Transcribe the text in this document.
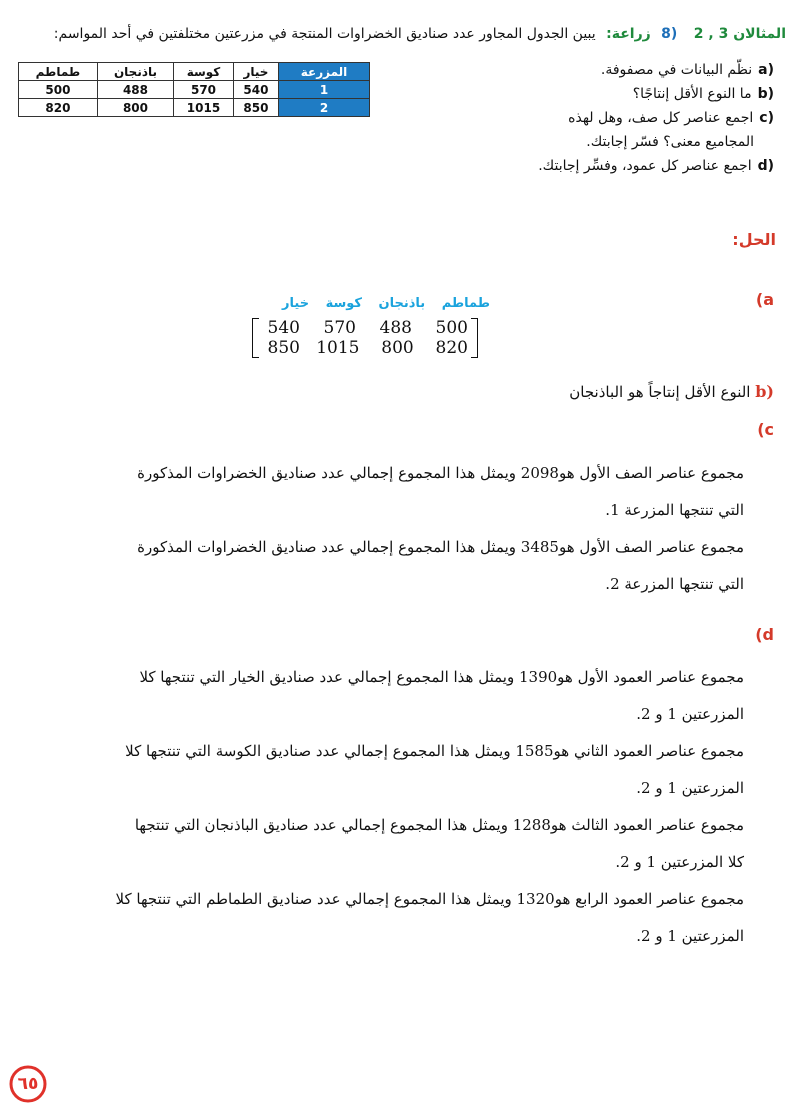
المثالان 3 , 2 8) زراعة: يبين الجدول المجاور عدد صناديق الخضراوات المنتجة في مزرعتين مختلفتين في أحد المواسم:
المزرعة	خيار	كوسة	باذنجان	طماطم
1	540	570	488	500
2	850	1015	800	820
a)نظّم البيانات في مصفوفة.
b)ما النوع الأقل إنتاجًا؟
c)اجمع عناصر كل صف، وهل لهذه
المجاميع معنى؟ فسّر إجابتك.
d)اجمع عناصر كل عمود، وفسِّر إجابتك.
الحل:
(a
طماطم باذنجان كوسة خيار
540	570	488	500
850 1015	800	820
b) النوع الأقل إنتاجاً هو الباذنجان
(c
مجموع عناصر الصف الأول هو2098 ويمثل هذا المجموع إجمالي عدد صناديق الخضراوات المذكورة
التي تنتجها المزرعة 1.
مجموع عناصر الصف الأول هو3485 ويمثل هذا المجموع إجمالي عدد صناديق الخضراوات المذكورة
التي تنتجها المزرعة 2.
(d
مجموع عناصر العمود الأول هو1390 ويمثل هذا المجموع إجمالي عدد صناديق الخيار التي تنتجها كلا
المزرعتين 1 و 2.
مجموع عناصر العمود الثاني هو1585 ويمثل هذا المجموع إجمالي عدد صناديق الكوسة التي تنتجها كلا
المزرعتين 1 و 2.
مجموع عناصر العمود الثالث هو1288 ويمثل هذا المجموع إجمالي عدد صناديق الباذنجان التي تنتجها
كلا المزرعتين 1 و 2.
مجموع عناصر العمود الرابع هو1320 ويمثل هذا المجموع إجمالي عدد صناديق الطماطم التي تنتجها كلا
المزرعتين 1 و 2.
٦٥
